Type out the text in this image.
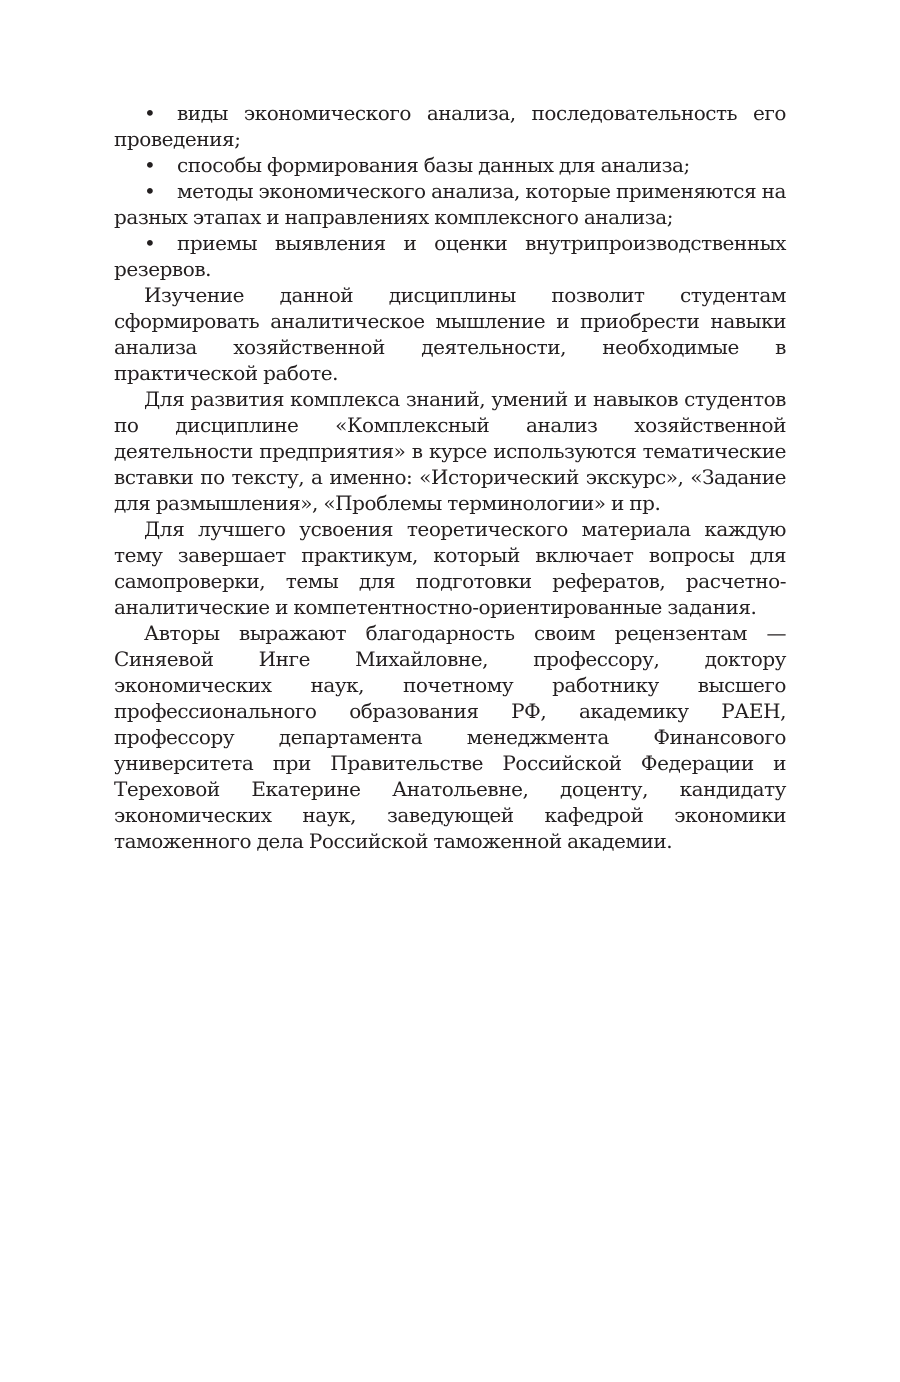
• виды экономического анализа, последовательность его проведения;
• способы формирования базы данных для анализа;
• методы экономического анализа, которые применяются на разных этапах и направлениях комплексного анализа;
• приемы выявления и оценки внутрипроизводственных резервов.

Изучение данной дисциплины позволит студентам сформировать аналитическое мышление и приобрести навыки анализа хозяйственной деятельности, необходимые в практической работе.

Для развития комплекса знаний, умений и навыков студентов по дисциплине «Комплексный анализ хозяйственной деятельности предприятия» в курсе используются тематические вставки по тексту, а именно: «Исторический экскурс», «Задание для размышления», «Проблемы терминологии» и пр.

Для лучшего усвоения теоретического материала каждую тему завершает практикум, который включает вопросы для самопроверки, темы для подготовки рефератов, расчетно-аналитические и компетентностно-ориентированные задания.

Авторы выражают благодарность своим рецензентам — Синяевой Инге Михайловне, профессору, доктору экономических наук, почетному работнику высшего профессионального образования РФ, академику РАЕН, профессору департамента менеджмента Финансового университета при Правительстве Российской Федерации и Тереховой Екатерине Анатольевне, доценту, кандидату экономических наук, заведующей кафедрой экономики таможенного дела Российской таможенной академии.
